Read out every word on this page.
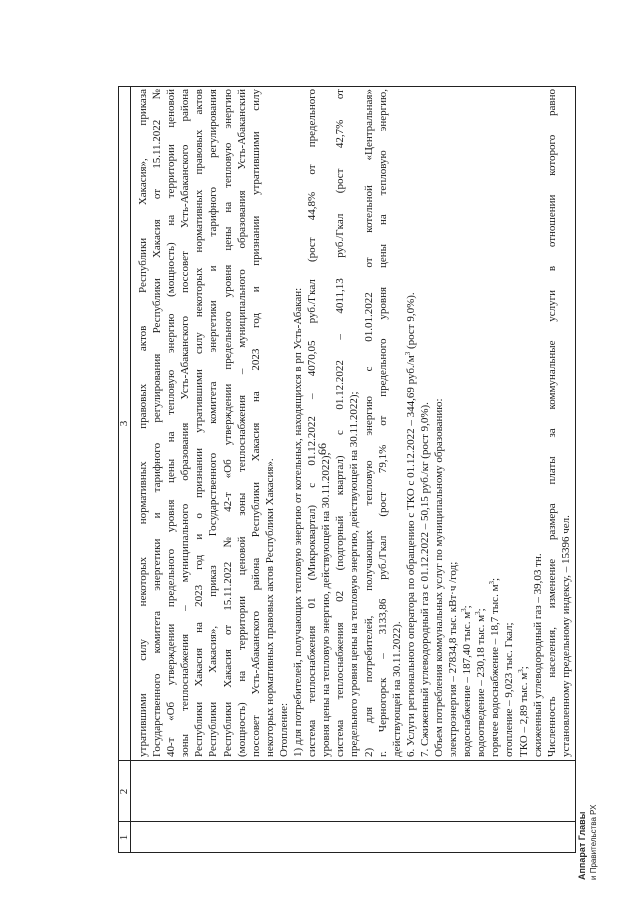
66
Аппарат Главы и Правительства РХ
1
2
3 утратившими силу некоторых нормативных правовых актов Республики Хакасия», приказа Государственного комитета энергетики и тарифного регулирования Республики Хакасия от 15.11.2022 № 40-т «Об утверждении предельного уровня цены на тепловую энергию (мощность) на территории ценовой зоны теплоснабжения – муниципального образования Усть-Абаканского поссовет Усть-Абаканского района Республики Хакасия на 2023 год и о признании утратившими силу некоторых нормативных правовых актов Республики Хакасия», приказ Государственного комитета энергетики и тарифного регулирования Республики Хакасия от 15.11.2022 № 42-т «Об утверждении предельного уровня цены на тепловую энергию (мощность) на территории ценовой зоны теплоснабжения – муниципального образования Усть-Абаканский поссовет Усть-Абаканского района Республики Хакасия на 2023 год и признании утратившими силу некоторых нормативных правовых актов Республики Хакасия». Отопление: 1) для потребителей, получающих тепловую энергию от котельных, находящихся в рп Усть-Абакан: система теплоснабжения 01 (Микроквартал) с 01.12.2022 – 4070,05 руб./Гкал (рост 44,8% от предельного уровня цены на тепловую энергию, действующей на 30.11.2022); система теплоснабжения 02 (подгорный квартал) с 01.12.2022 – 4011,13 руб./Гкал (рост 42,7% от предельного уровня цены на тепловую энергию, действующей на 30.11.2022); 2) для потребителей, получающих тепловую энергию с 01.01.2022 от котельной «Центральная» г. Черногорск – 3133,86 руб./Гкал (рост 79,1% от предельного уровня цены на тепловую энергию, действующей на 30.11.2022). 6. Услуги регионального оператора по обращению с ТКО с 01.12.2022 – 344,69 $руб./м^3$ (рост 9,0%).
7. Сжиженный углеводородный газ с 01.12.2022 – 50,15 руб./кг (рост 9,0%). Объем потребления коммунальных услуг по муниципальному образованию: электроэнергия – 27834,8 тыс. кВт·ч /год; водоснабжение – 187,40 тыс. $м^3$;
водоотведение – 230,18 тыс. $м^3$; горячее водоснабжение – 18,7 тыс. $м^3$;
отопление – 9,023 тыс. Гкал; ТКО – 2,89 тыс. $м^3$; сжиженный углеводородный газ – 39,03 тн. Численность населения, изменение размера платы за коммунальные услуги в отношении которого равно установленному предельному индексу, – 15396 чел.
